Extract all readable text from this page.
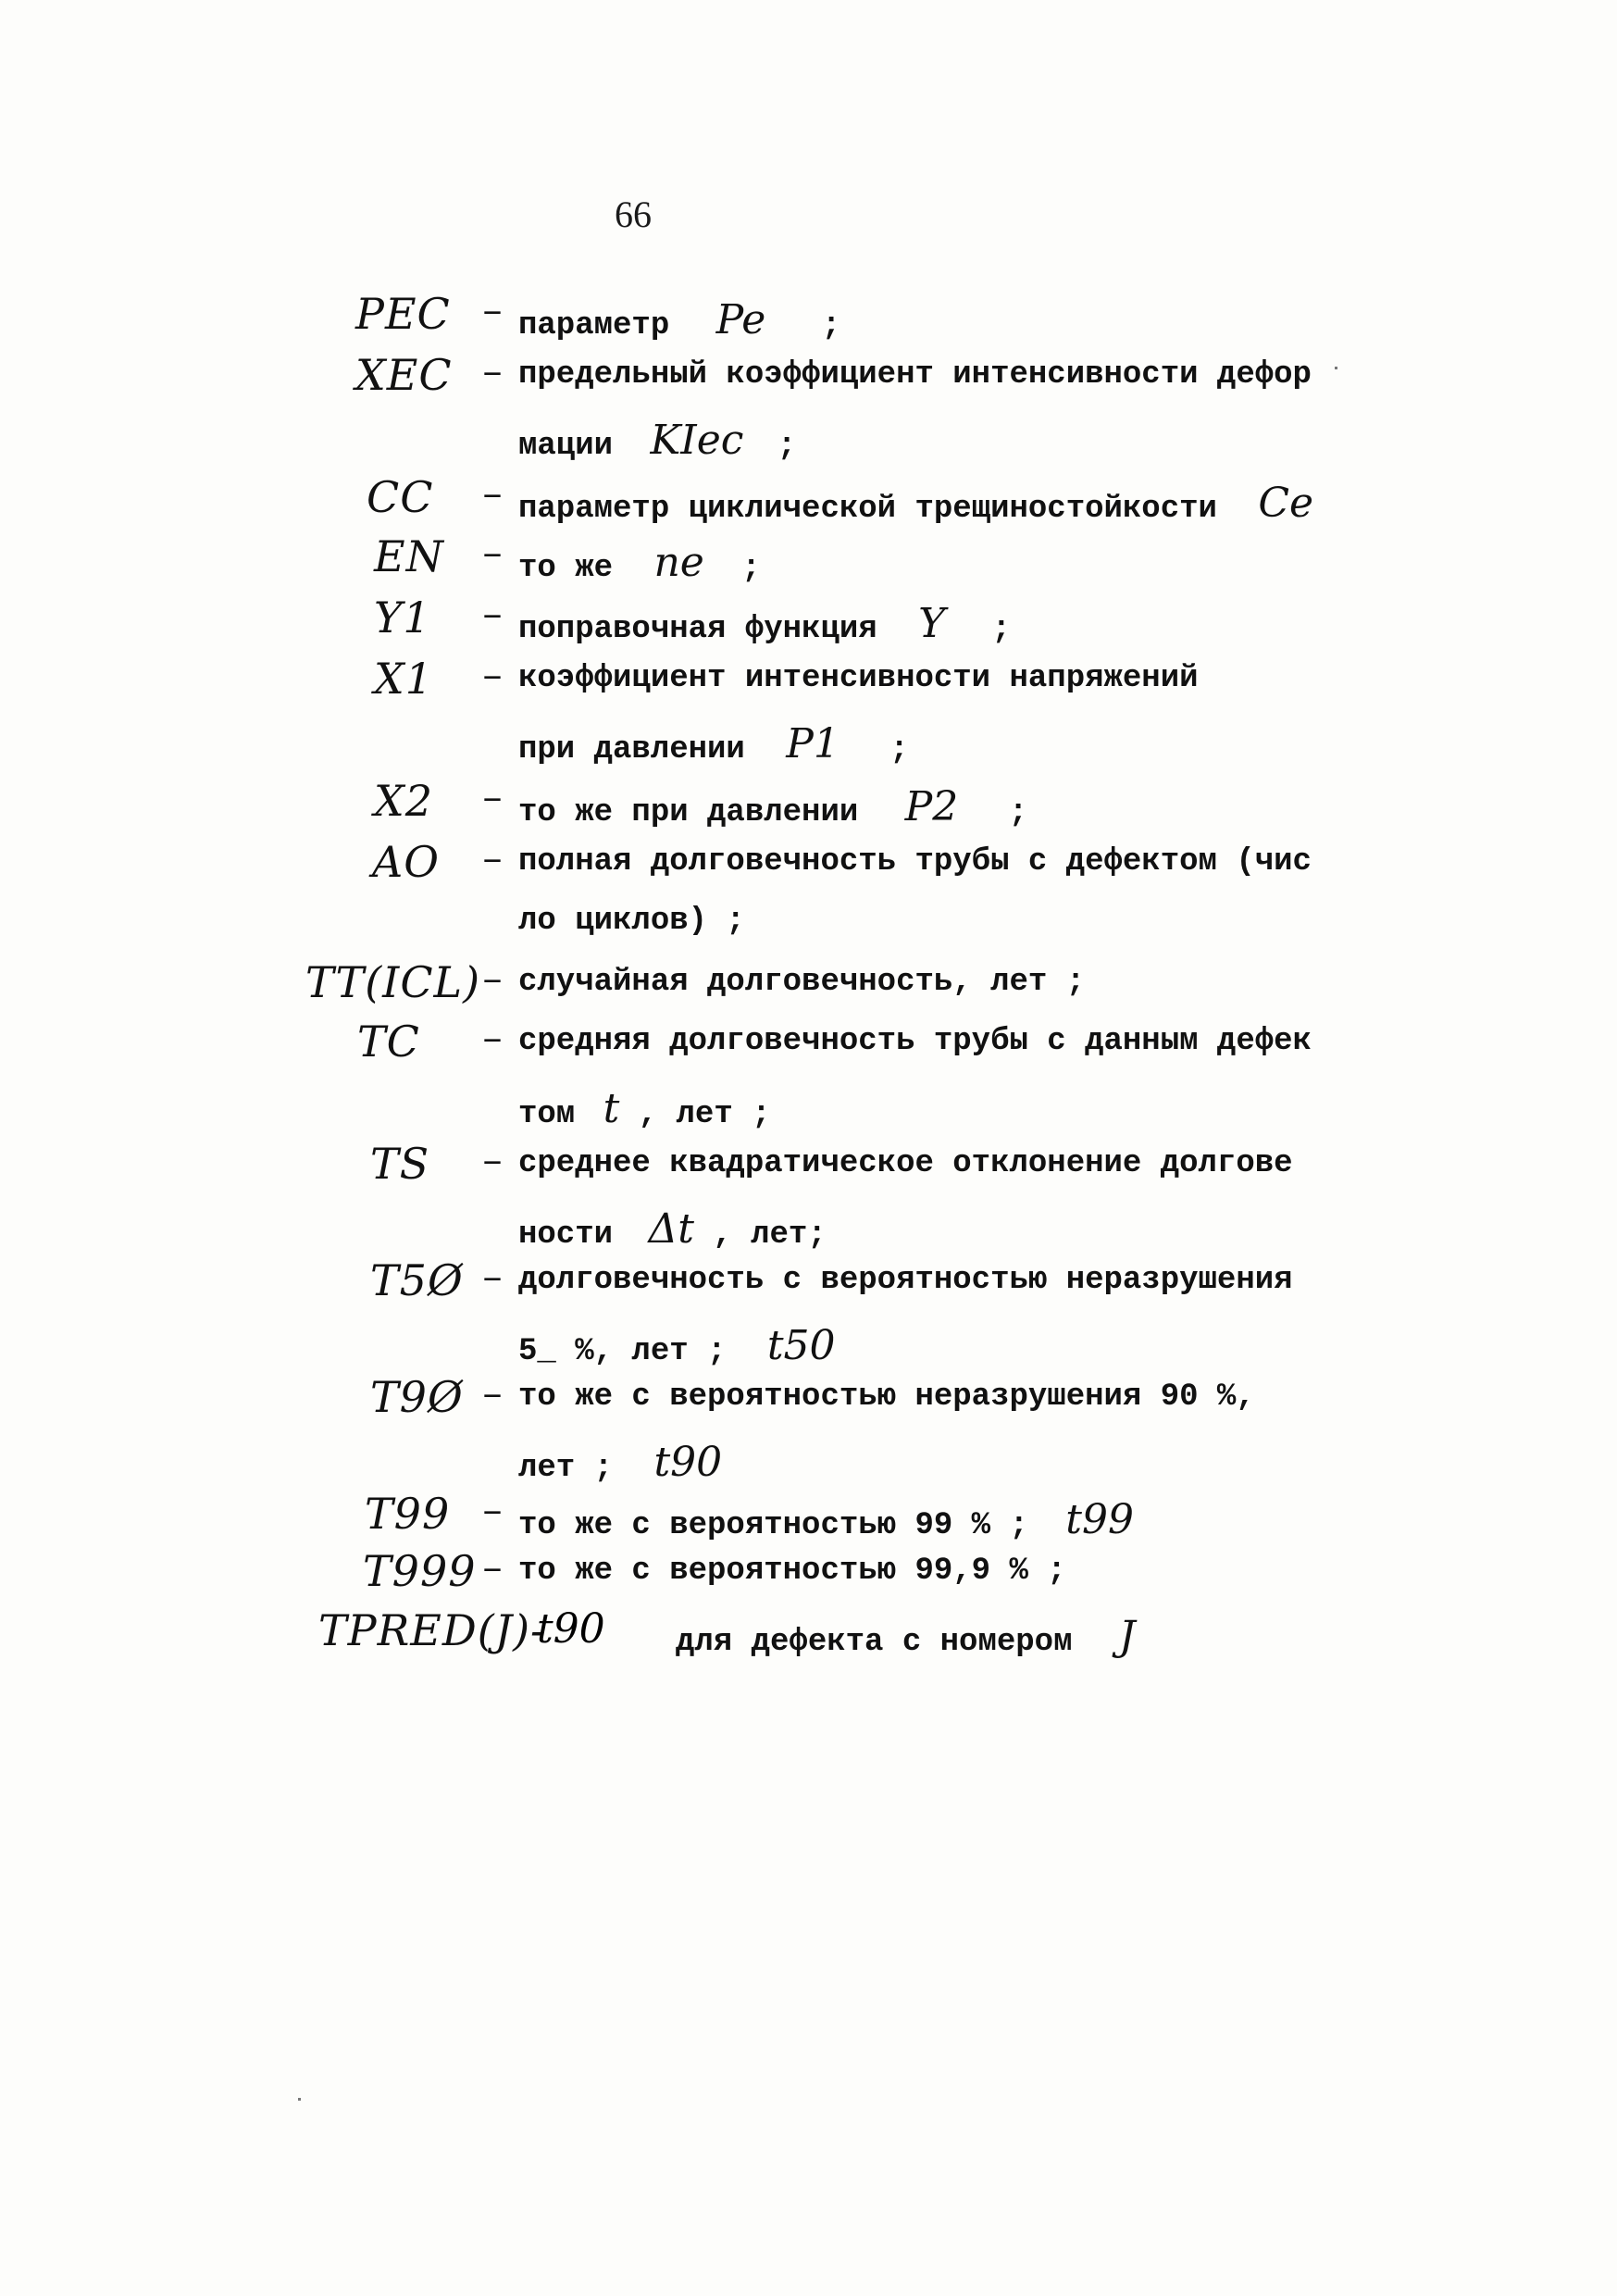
66
PEC – параметр Pe ;
XEC – предельный коэффициент интенсивности дефор
мации KIec ;
CC – параметр циклической трещиностойкости Ce
EN – то же ne ;
Y1 – поправочная функция Y ;
X1 – коэффициент интенсивности напряжений
при давлении P1 ;
X2 – то же при давлении P2 ;
AO – полная долговечность трубы с дефектом (чис
ло циклов) ;
TT(ICL) – случайная долговечность, лет ;
TC – средняя долговечность трубы с данным дефек
том t , лет ;
TS – среднее квадратическое отклонение долгове
ности Δt , лет;
T5Ø – долговечность с вероятностью неразрушения
5_ %, лет ; t50
T9Ø – то же с вероятностью неразрушения 90 %,
лет ; t90
T99 – то же с вероятностью 99 % ; t99
T999 – то же с вероятностью 99,9 % ;
TPRED(J)-
t90 для дефекта с номером J
